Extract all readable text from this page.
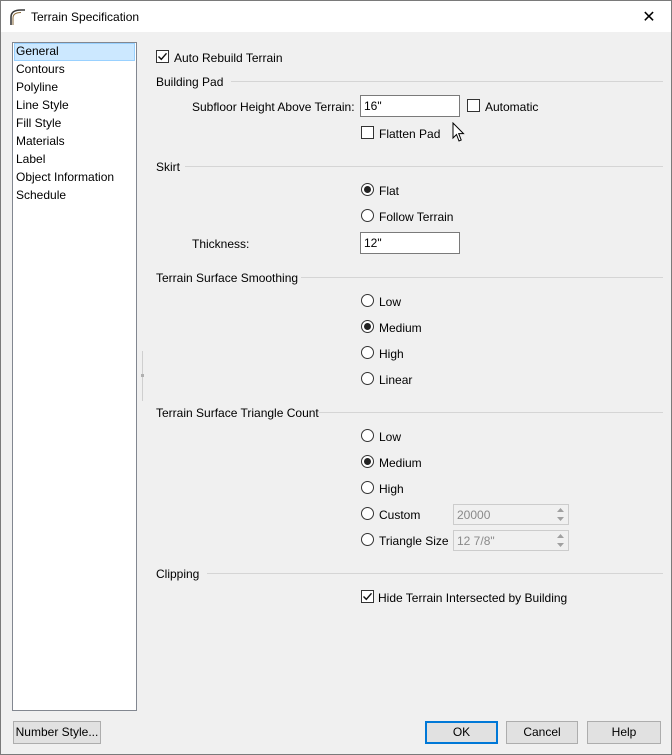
Terrain Specification	✕
General
Contours
Polyline
Line Style
Fill Style
Materials
Label
Object Information
Schedule
Auto Rebuild Terrain
Building Pad
Subfloor Height Above Terrain: 16"	Automatic
Flatten Pad
Skirt
Flat
Follow Terrain
Thickness:	12"
Terrain Surface Smoothing
Low
Medium
High
Linear
Terrain Surface Triangle Count
Low
Medium
High
Custom	20000
Triangle Size 12 7/8"
Clipping
Hide Terrain Intersected by Building
Number Style...	OK	Cancel	Help
